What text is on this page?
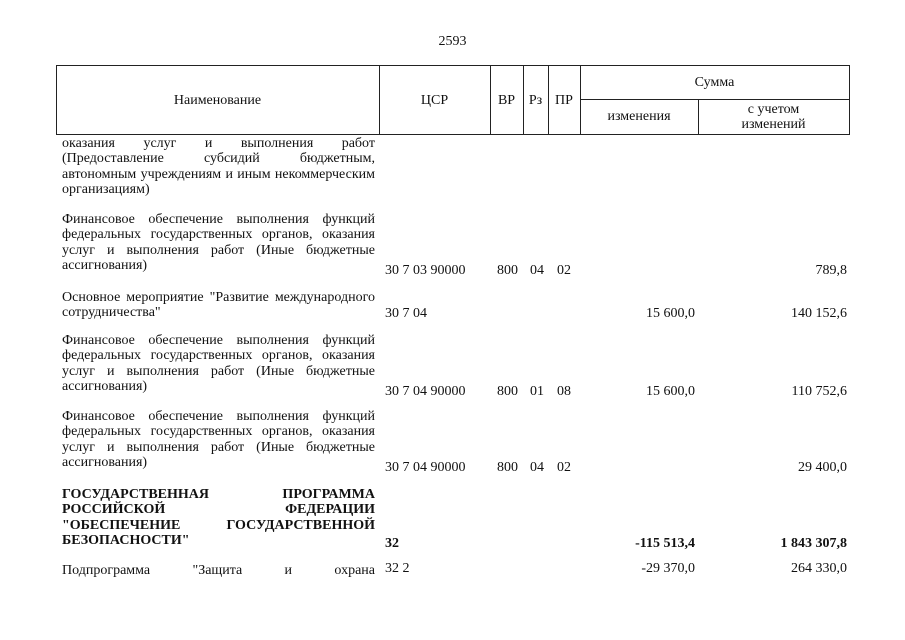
2593
Наименование	ЦСР	ВР Рз ПР
Сумма
изменения	с учетом изменений
оказания услуг и выполнения работ (Предоставление субсидий бюджетным, автономным учреждениям и иным некоммерческим организациям)
Финансовое обеспечение выполнения функций федеральных государственных органов, оказания услуг и выполнения работ (Иные бюджетные ассигнования)	30 7 03 90000 800 04 02	789,8
Основное мероприятие "Развитие международного сотрудничества"	30 7 04	15 600,0	140 152,6
Финансовое обеспечение выполнения функций федеральных государственных органов, оказания услуг и выполнения работ (Иные бюджетные ассигнования)	30 7 04 90000 800 01 08	15 600,0	110 752,6
Финансовое обеспечение выполнения функций федеральных государственных органов, оказания услуг и выполнения работ (Иные бюджетные ассигнования)	30 7 04 90000 800 04 02	29 400,0
ГОСУДАРСТВЕННАЯ ПРОГРАММА РОССИЙСКОЙ ФЕДЕРАЦИИ "ОБЕСПЕЧЕНИЕ ГОСУДАРСТВЕННОЙ БЕЗОПАСНОСТИ"	32	-115 513,4	1 843 307,8
Подпрограмма "Защита и охрана 32 2	-29 370,0	264 330,0
